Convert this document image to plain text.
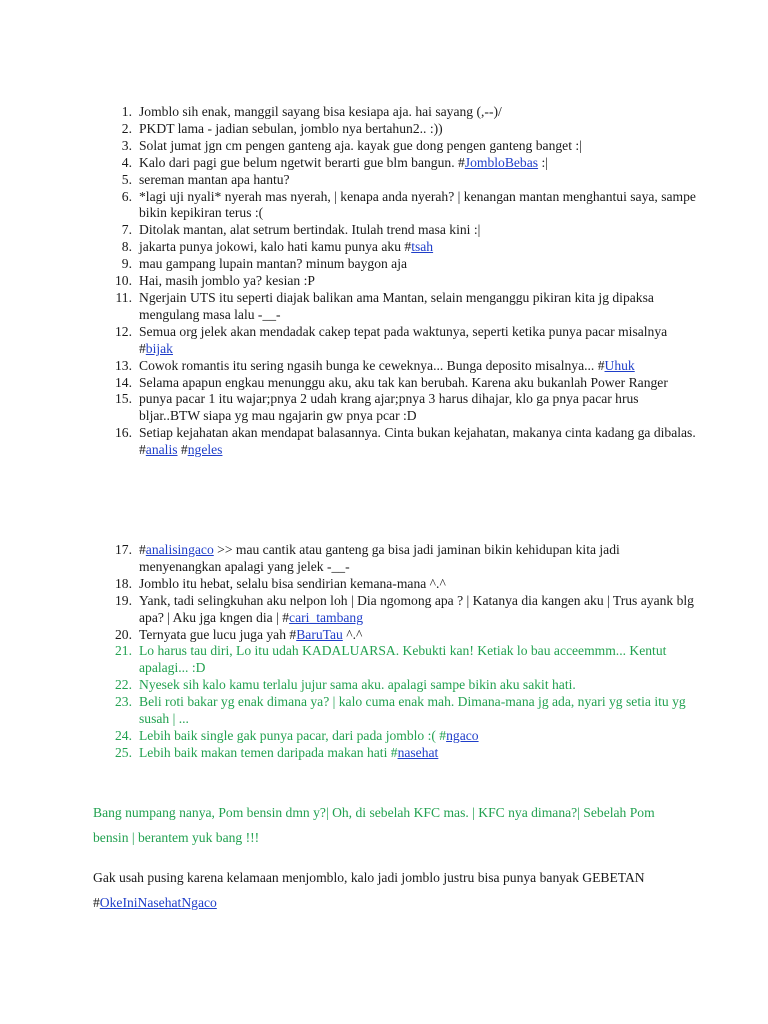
1. Jomblo sih enak, manggil sayang bisa kesiapa aja. hai sayang (,--)/
2. PKDT lama - jadian sebulan, jomblo nya bertahun2.. :))
3. Solat jumat jgn cm pengen ganteng aja. kayak gue dong pengen ganteng banget :|
4. Kalo dari pagi gue belum ngetwit berarti gue blm bangun. #JombloBebas :|
5. sereman mantan apa hantu?
6. *lagi uji nyali* nyerah mas nyerah, | kenapa anda nyerah? | kenangan mantan menghantui saya, sampe bikin kepikiran terus :(
7. Ditolak mantan, alat setrum bertindak. Itulah trend masa kini :|
8. jakarta punya jokowi, kalo hati kamu punya aku #tsah
9. mau gampang lupain mantan? minum baygon aja
10. Hai, masih jomblo ya? kesian :P
11. Ngerjain UTS itu seperti diajak balikan ama Mantan, selain menganggu pikiran kita jg dipaksa mengulang masa lalu -__-
12. Semua org jelek akan mendadak cakep tepat pada waktunya, seperti ketika punya pacar misalnya #bijak
13. Cowok romantis itu sering ngasih bunga ke ceweknya... Bunga deposito misalnya... #Uhuk
14. Selama apapun engkau menunggu aku, aku tak kan berubah. Karena aku bukanlah Power Ranger
15. punya pacar 1 itu wajar;pnya 2 udah krang ajar;pnya 3 harus dihajar, klo ga pnya pacar hrus bljar..BTW siapa yg mau ngajarin gw pnya pcar :D
16. Setiap kejahatan akan mendapat balasannya. Cinta bukan kejahatan, makanya cinta kadang ga dibalas. #analis #ngeles
17. #analisingaco >> mau cantik atau ganteng ga bisa jadi jaminan bikin kehidupan kita jadi menyenangkan apalagi yang jelek -__-
18. Jomblo itu hebat, selalu bisa sendirian kemana-mana ^.^
19. Yank, tadi selingkuhan aku nelpon loh | Dia ngomong apa ? | Katanya dia kangen aku | Trus ayank blg apa? | Aku jga kngen dia | #cari_tambang
20. Ternyata gue lucu juga yah #BaruTau ^.^
21. Lo harus tau diri, Lo itu udah KADALUARSA. Kebukti kan! Ketiak lo bau acceemmm... Kentut apalagi... :D
22. Nyesek sih kalo kamu terlalu jujur sama aku. apalagi sampe bikin aku sakit hati.
23. Beli roti bakar yg enak dimana ya? | kalo cuma enak mah. Dimana-mana jg ada, nyari yg setia itu yg susah | ...
24. Lebih baik single gak punya pacar, dari pada jomblo :( #ngaco
25. Lebih baik makan temen daripada makan hati #nasehat
Bang numpang nanya, Pom bensin dmn y?| Oh, di sebelah KFC mas. | KFC nya dimana?| Sebelah Pom bensin | berantem yuk bang !!!
Gak usah pusing karena kelamaan menjomblo, kalo jadi jomblo justru bisa punya banyak GEBETAN #OkeIniNasehatNgaco
